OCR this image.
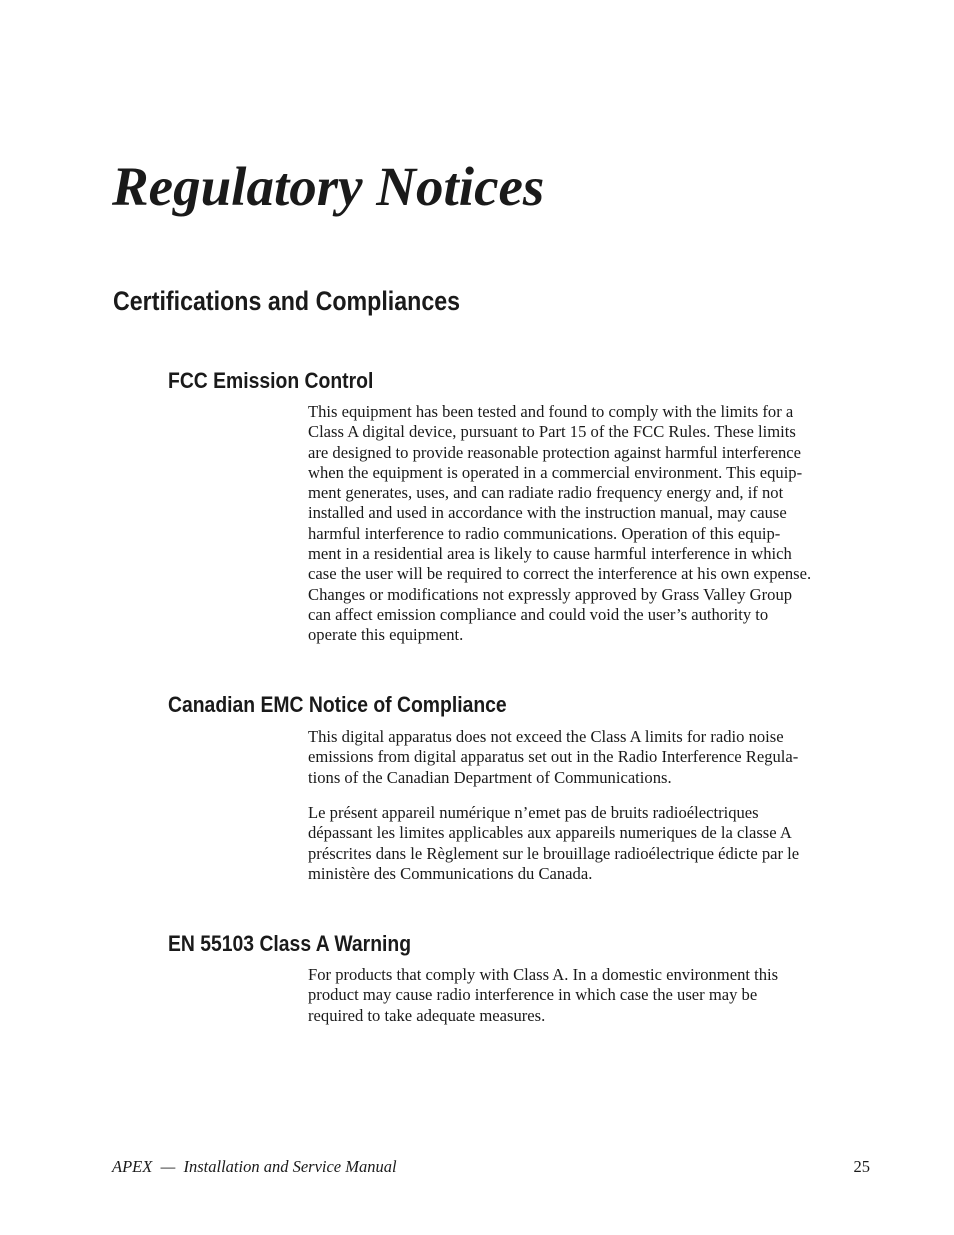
Regulatory Notices
Certifications and Compliances
FCC Emission Control

This equipment has been tested and found to comply with the limits for a
Class A digital device, pursuant to Part 15 of the FCC Rules. These limits
are designed to provide reasonable protection against harmful interference
when the equipment is operated in a commercial environment. This equip-
ment generates, uses, and can radiate radio frequency energy and, if not
installed and used in accordance with the instruction manual, may cause
harmful interference to radio communications. Operation of this equip-
ment in a residential area is likely to cause harmful interference in which
case the user will be required to correct the interference at his own expense.
Changes or modifications not expressly approved by Grass Valley Group
can affect emission compliance and could void the user’s authority to
operate this equipment.

Canadian EMC Notice of Compliance

This digital apparatus does not exceed the Class A limits for radio noise
emissions from digital apparatus set out in the Radio Interference Regula-
tions of the Canadian Department of Communications.

Le présent appareil numérique n’emet pas de bruits radioélectriques
dépassant les limites applicables aux appareils numeriques de la classe A
préscrites dans le Règlement sur le brouillage radioélectrique édicte par le
ministère des Communications du Canada.

EN 55103 Class A Warning

For products that comply with Class A. In a domestic environment this
product may cause radio interference in which case the user may be
required to take adequate measures.

APEX  —  Installation and Service Manual	25
